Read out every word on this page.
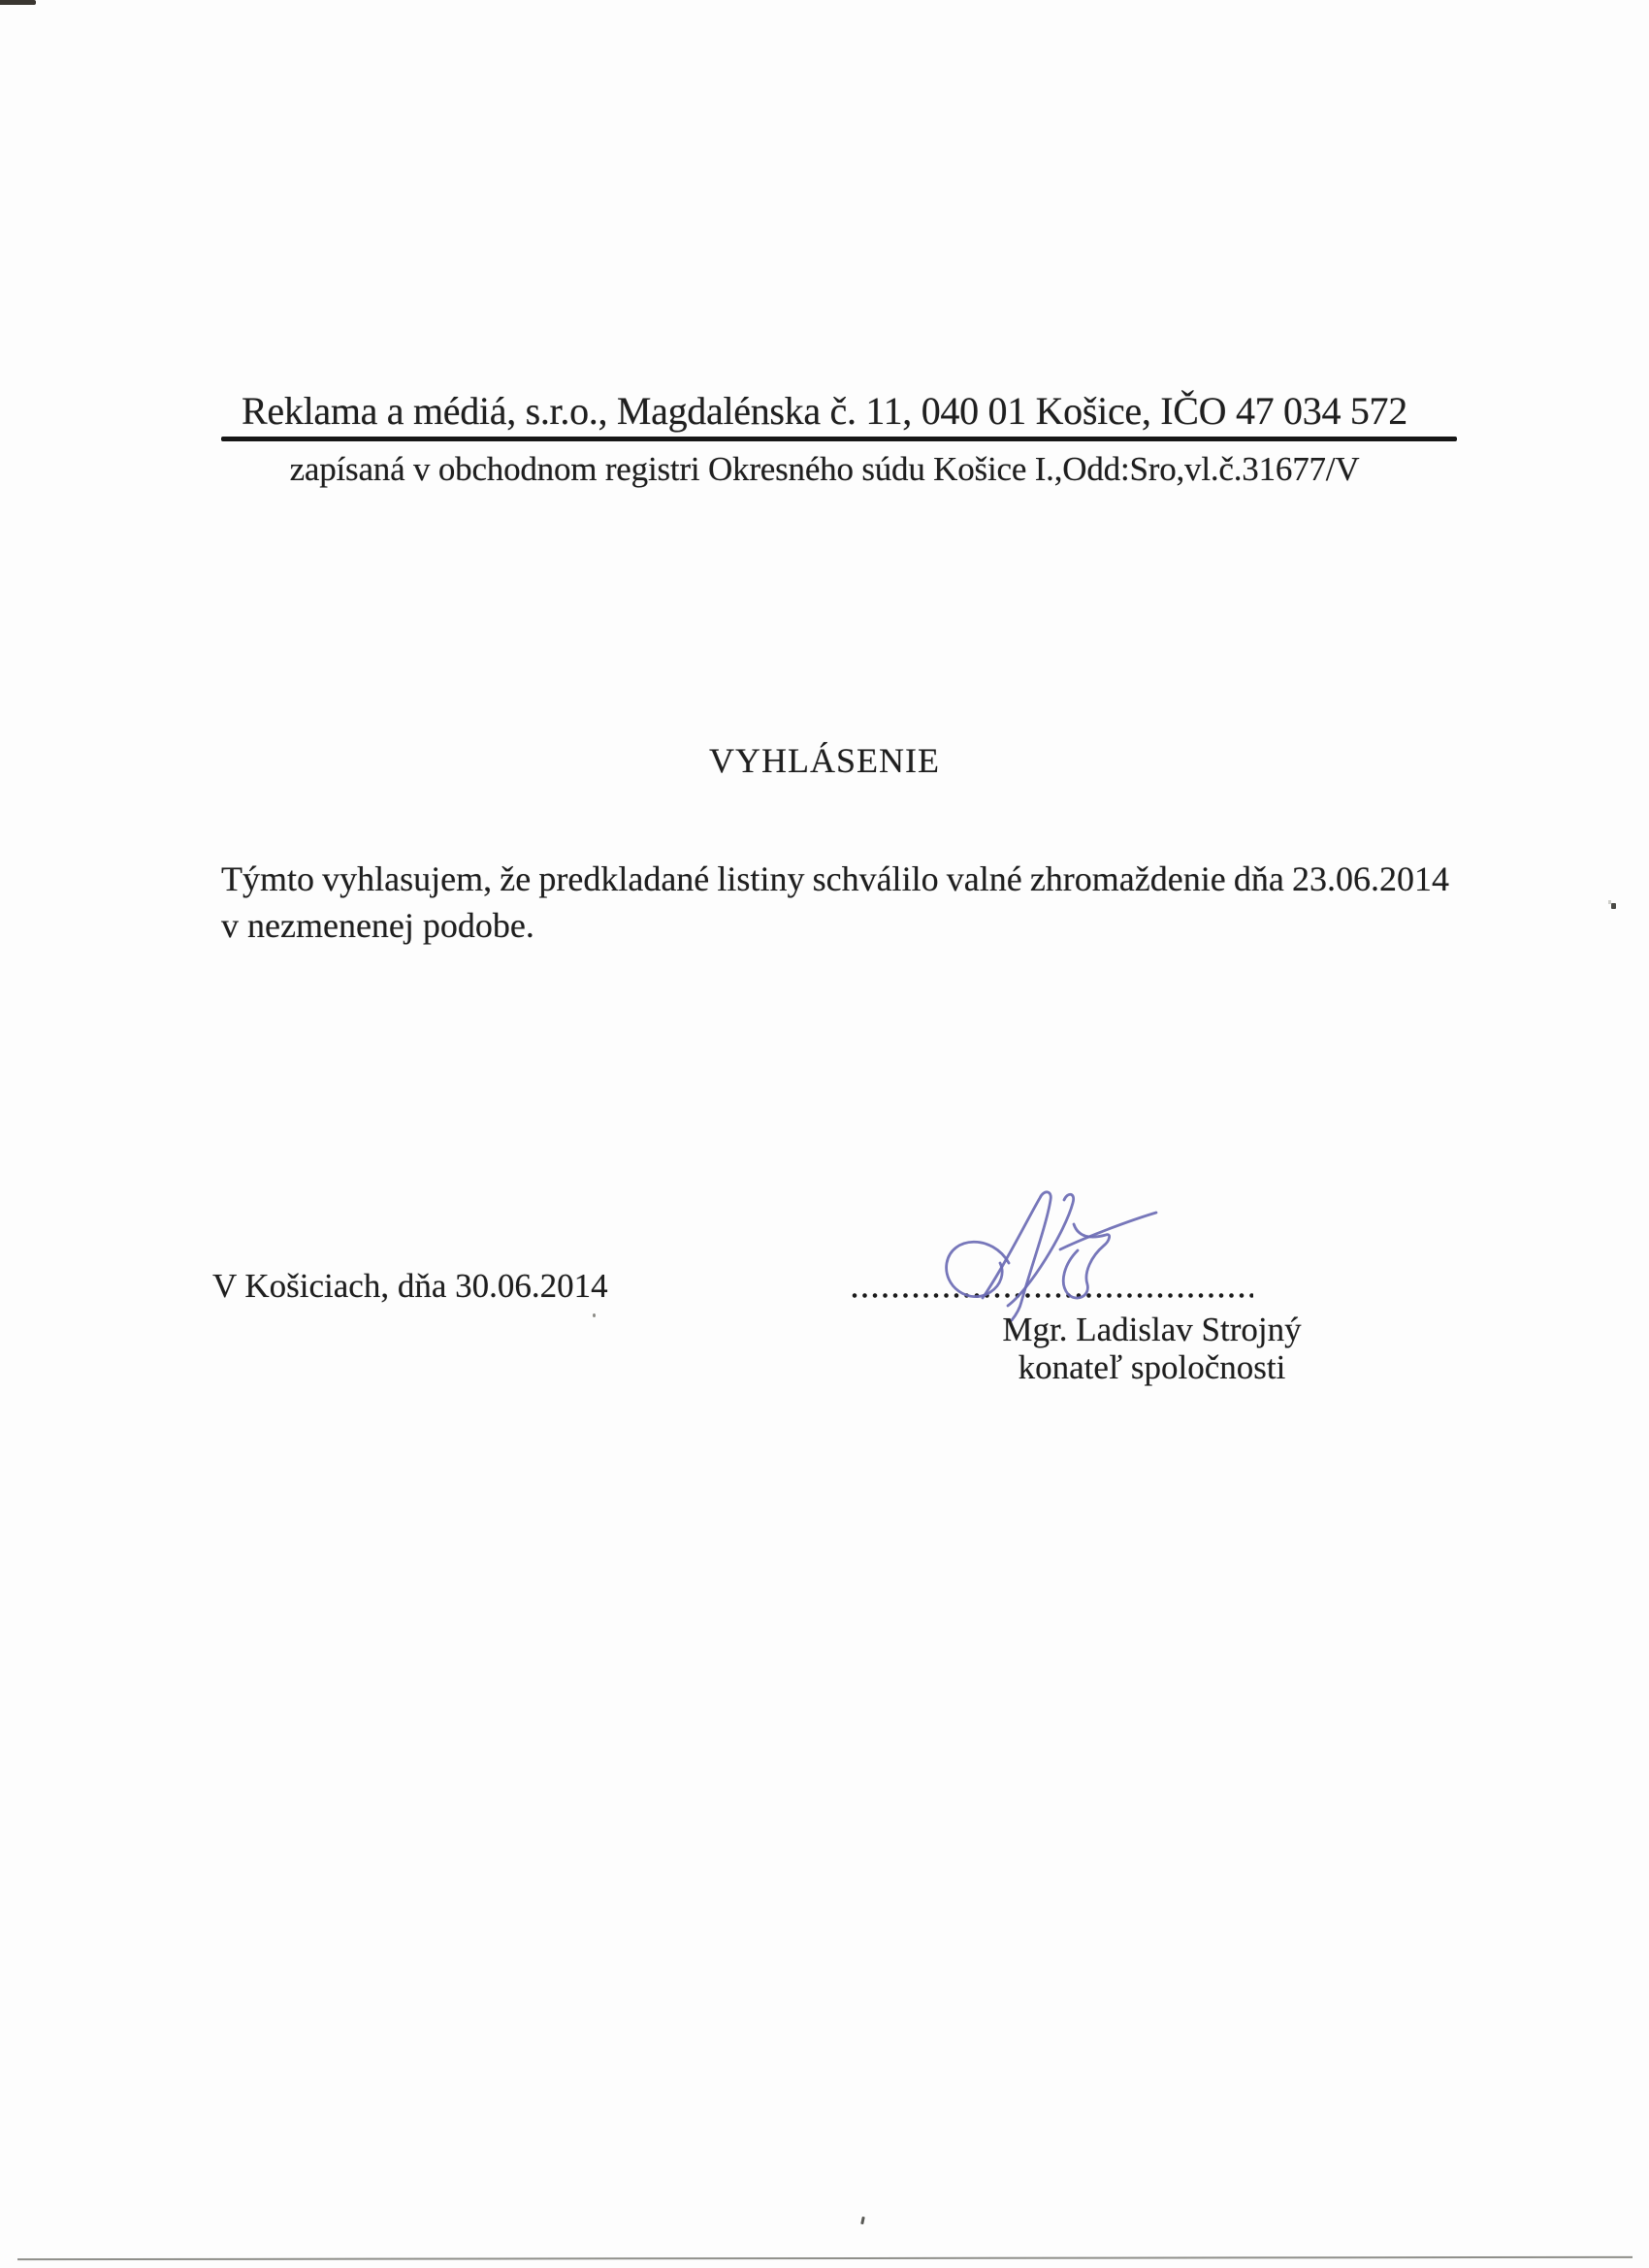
Reklama a médiá, s.r.o., Magdalénska č. 11, 040 01 Košice, IČO 47 034 572
zapísaná v obchodnom registri Okresného súdu Košice I.,Odd:Sro,vl.č.31677/V
VYHLÁSENIE
Týmto vyhlasujem, že predkladané listiny schválilo valné zhromaždenie dňa 23.06.2014
v nezmenenej podobe.
V Košiciach, dňa 30.06.2014
Mgr. Ladislav Strojný
konateľ spoločnosti
